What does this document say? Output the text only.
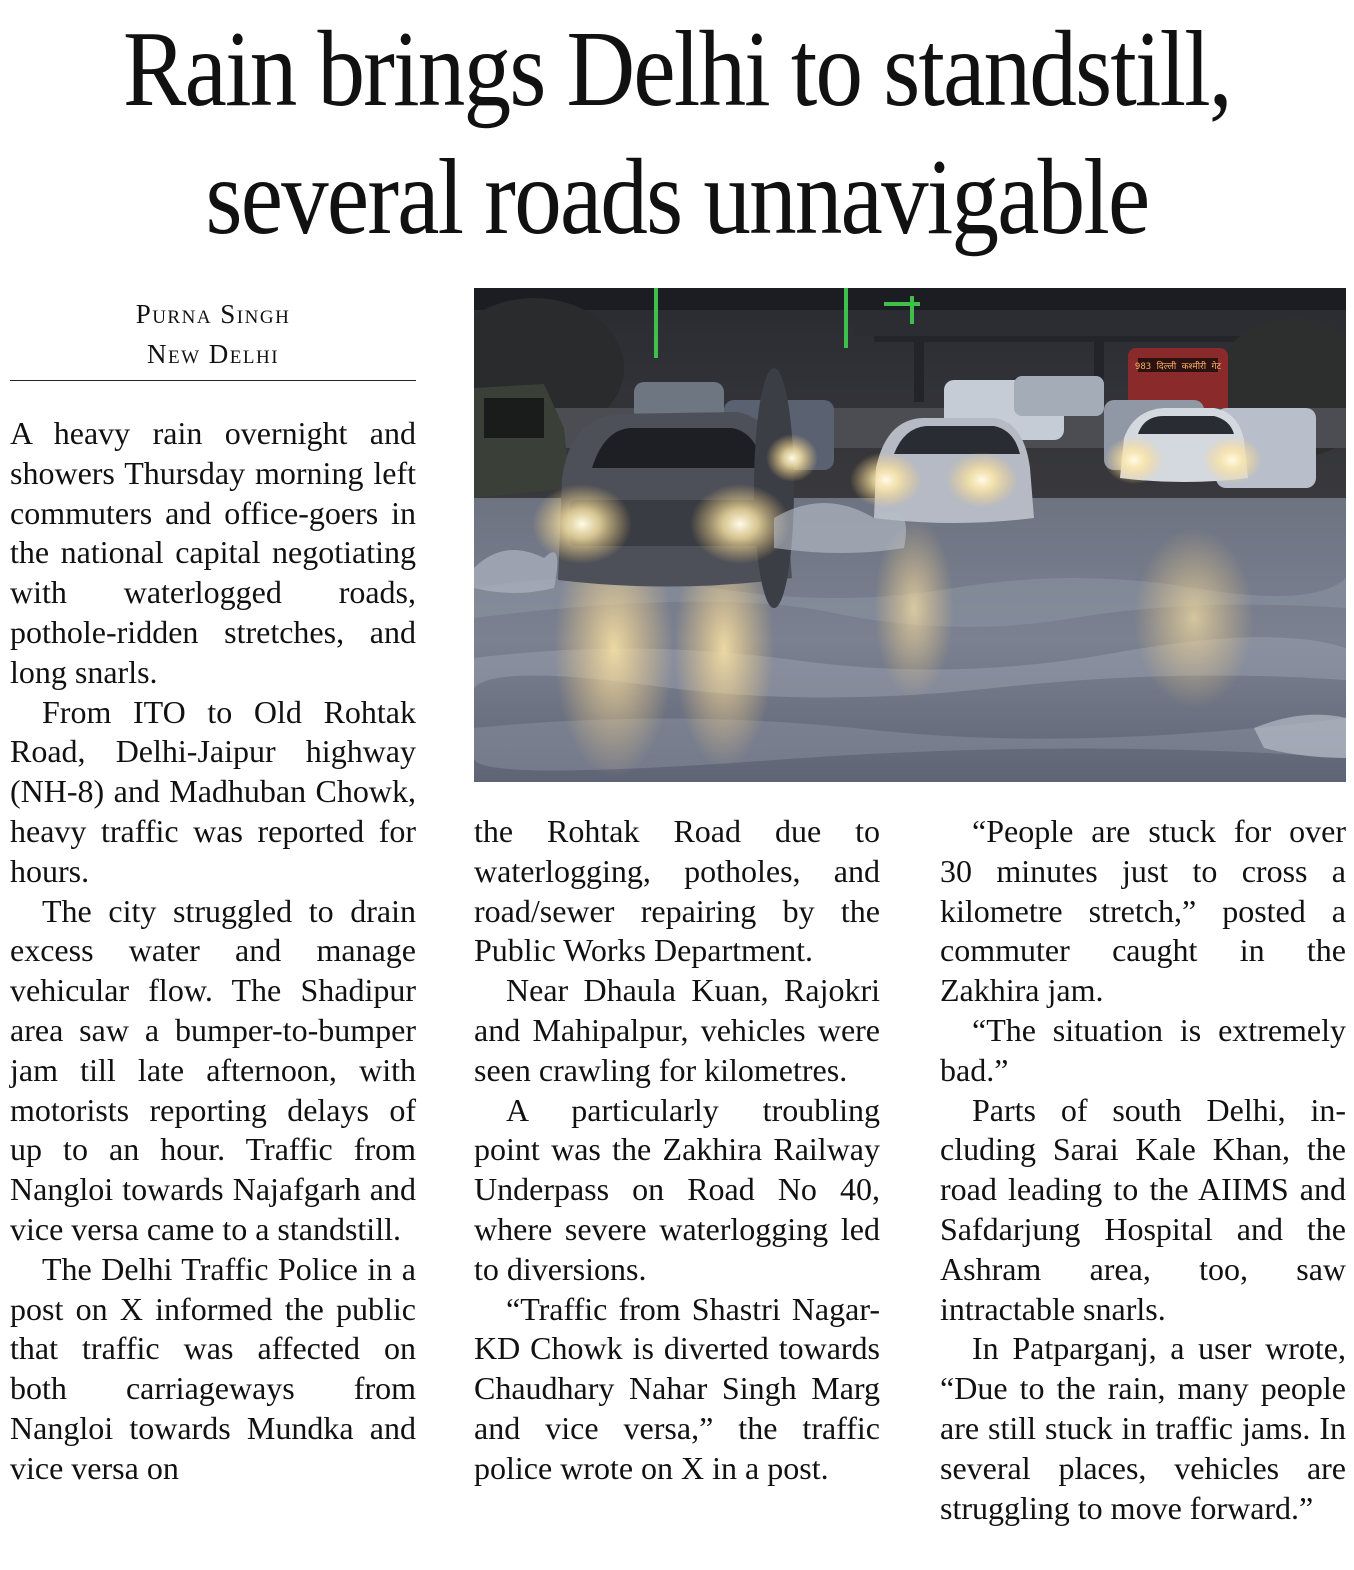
Rain brings Delhi to standstill,
several roads unnavigable
Purna Singh
New Delhi	983 दिल्ली कश्मीरी गेट

A heavy rain overnight and showers Thursday morning left commuters and office-goers in the national capital negotiating with waterlogged roads, pothole-ridden stretches, and long snarls.

From ITO to Old Rohtak Road, Delhi-Jaipur highway (NH-8) and Madhuban Chowk, heavy traffic was reported for hours.

The city struggled to drain excess water and manage vehicular flow. The Shadipur area saw a bumper-to-bumper jam till late afternoon, with motorists reporting delays of up to an hour. Traffic from Nangloi towards Najafgarh and vice versa came to a standstill.

The Delhi Traffic Police in a post on X informed the public that traffic was affected on both carriageways from Nangloi towards Mundka and vice versa on

the Rohtak Road due to waterlogging, potholes, and road/sewer repairing by the Public Works Department.

Near Dhaula Kuan, Rajokri and Mahipalpur, vehicles were seen crawling for kilometres.

A particularly troubling point was the Zakhira Railway Underpass on Road No 40, where severe waterlogging led to diversions.

“Traffic from Shastri Nagar-KD Chowk is diverted towards Chaudhary Nahar Singh Marg and vice versa,” the traffic police wrote on X in a post.

“People are stuck for over 30 minutes just to cross a kilometre stretch,” posted a commuter caught in the Zakhira jam.

“The situation is extremely bad.”

Parts of south Delhi, including Sarai Kale Khan, the road leading to the AIIMS and Safdarjung Hospital and the Ashram area, too, saw intractable snarls.

In Patparganj, a user wrote, “Due to the rain, many people are still stuck in traffic jams. In several places, vehicles are struggling to move forward.”
